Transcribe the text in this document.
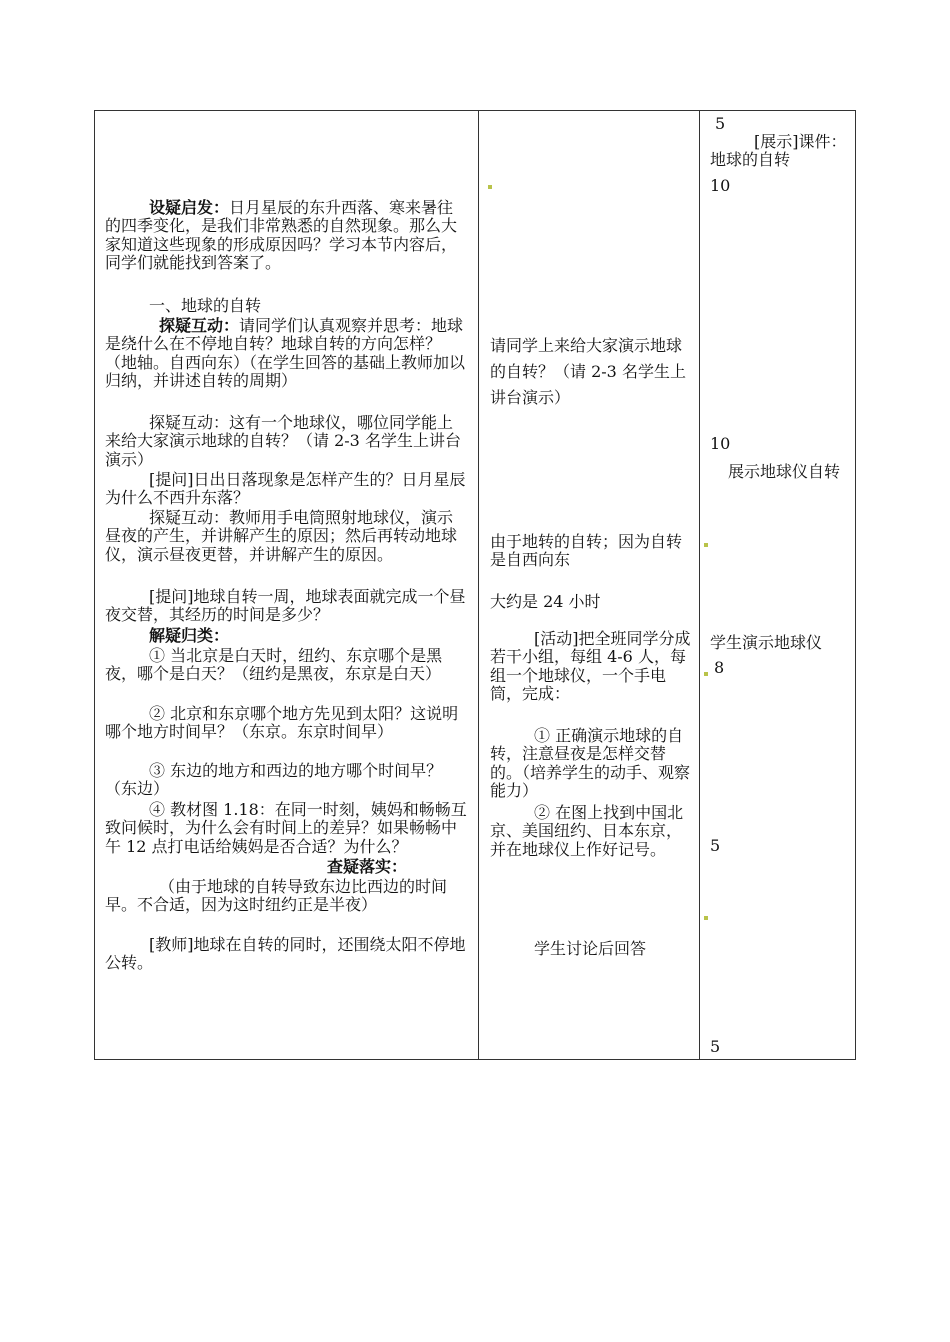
设疑启发：日月星辰的东升西落、寒来暑往的四季变化，是我们非常熟悉的自然现象。那么大家知道这些现象的形成原因吗？学习本节内容后，同学们就能找到答案了。
一、地球的自转
探疑互动：请同学们认真观察并思考：地球是绕什么在不停地自转？地球自转的方向怎样？（地轴。自西向东）（在学生回答的基础上教师加以归纳，并讲述自转的周期）
探疑互动：这有一个地球仪，哪位同学能上来给大家演示地球的自转？（请 2-3 名学生上讲台演示）
[提问]日出日落现象是怎样产生的？日月星辰为什么不西升东落？
探疑互动：教师用手电筒照射地球仪，演示昼夜的产生，并讲解产生的原因；然后再转动地球仪，演示昼夜更替，并讲解产生的原因。
[提问]地球自转一周，地球表面就完成一个昼夜交替，其经历的时间是多少？
解疑归类：
① 当北京是白天时，纽约、东京哪个是黑夜，哪个是白天？（纽约是黑夜，东京是白天）
② 北京和东京哪个地方先见到太阳？这说明哪个地方时间早？（东京。东京时间早）
③ 东边的地方和西边的地方哪个时间早？（东边）
④ 教材图 1.18：在同一时刻，姨妈和畅畅互致问候时，为什么会有时间上的差异？如果畅畅中午 12 点打电话给姨妈是否合适？为什么？
查疑落实：
（由于地球的自转导致东边比西边的时间早。不合适，因为这时纽约正是半夜）
[教师]地球在自转的同时，还围绕太阳不停地公转。
请同学上来给大家演示地球的自转？（请 2-3 名学生上讲台演示）
由于地转的自转；因为自转是自西向东
大约是 24 小时
[活动]把全班同学分成若干小组，每组 4-6 人，每组一个地球仪，一个手电筒，完成：
① 正确演示地球的自转，注意昼夜是怎样交替的。（培养学生的动手、观察能力）
② 在图上找到中国北京、美国纽约、日本东京，并在地球仪上作好记号。
学生讨论后回答
5
[展示]课件：地球的自转
10
10
展示地球仪自转
学生演示地球仪
8
5
5
